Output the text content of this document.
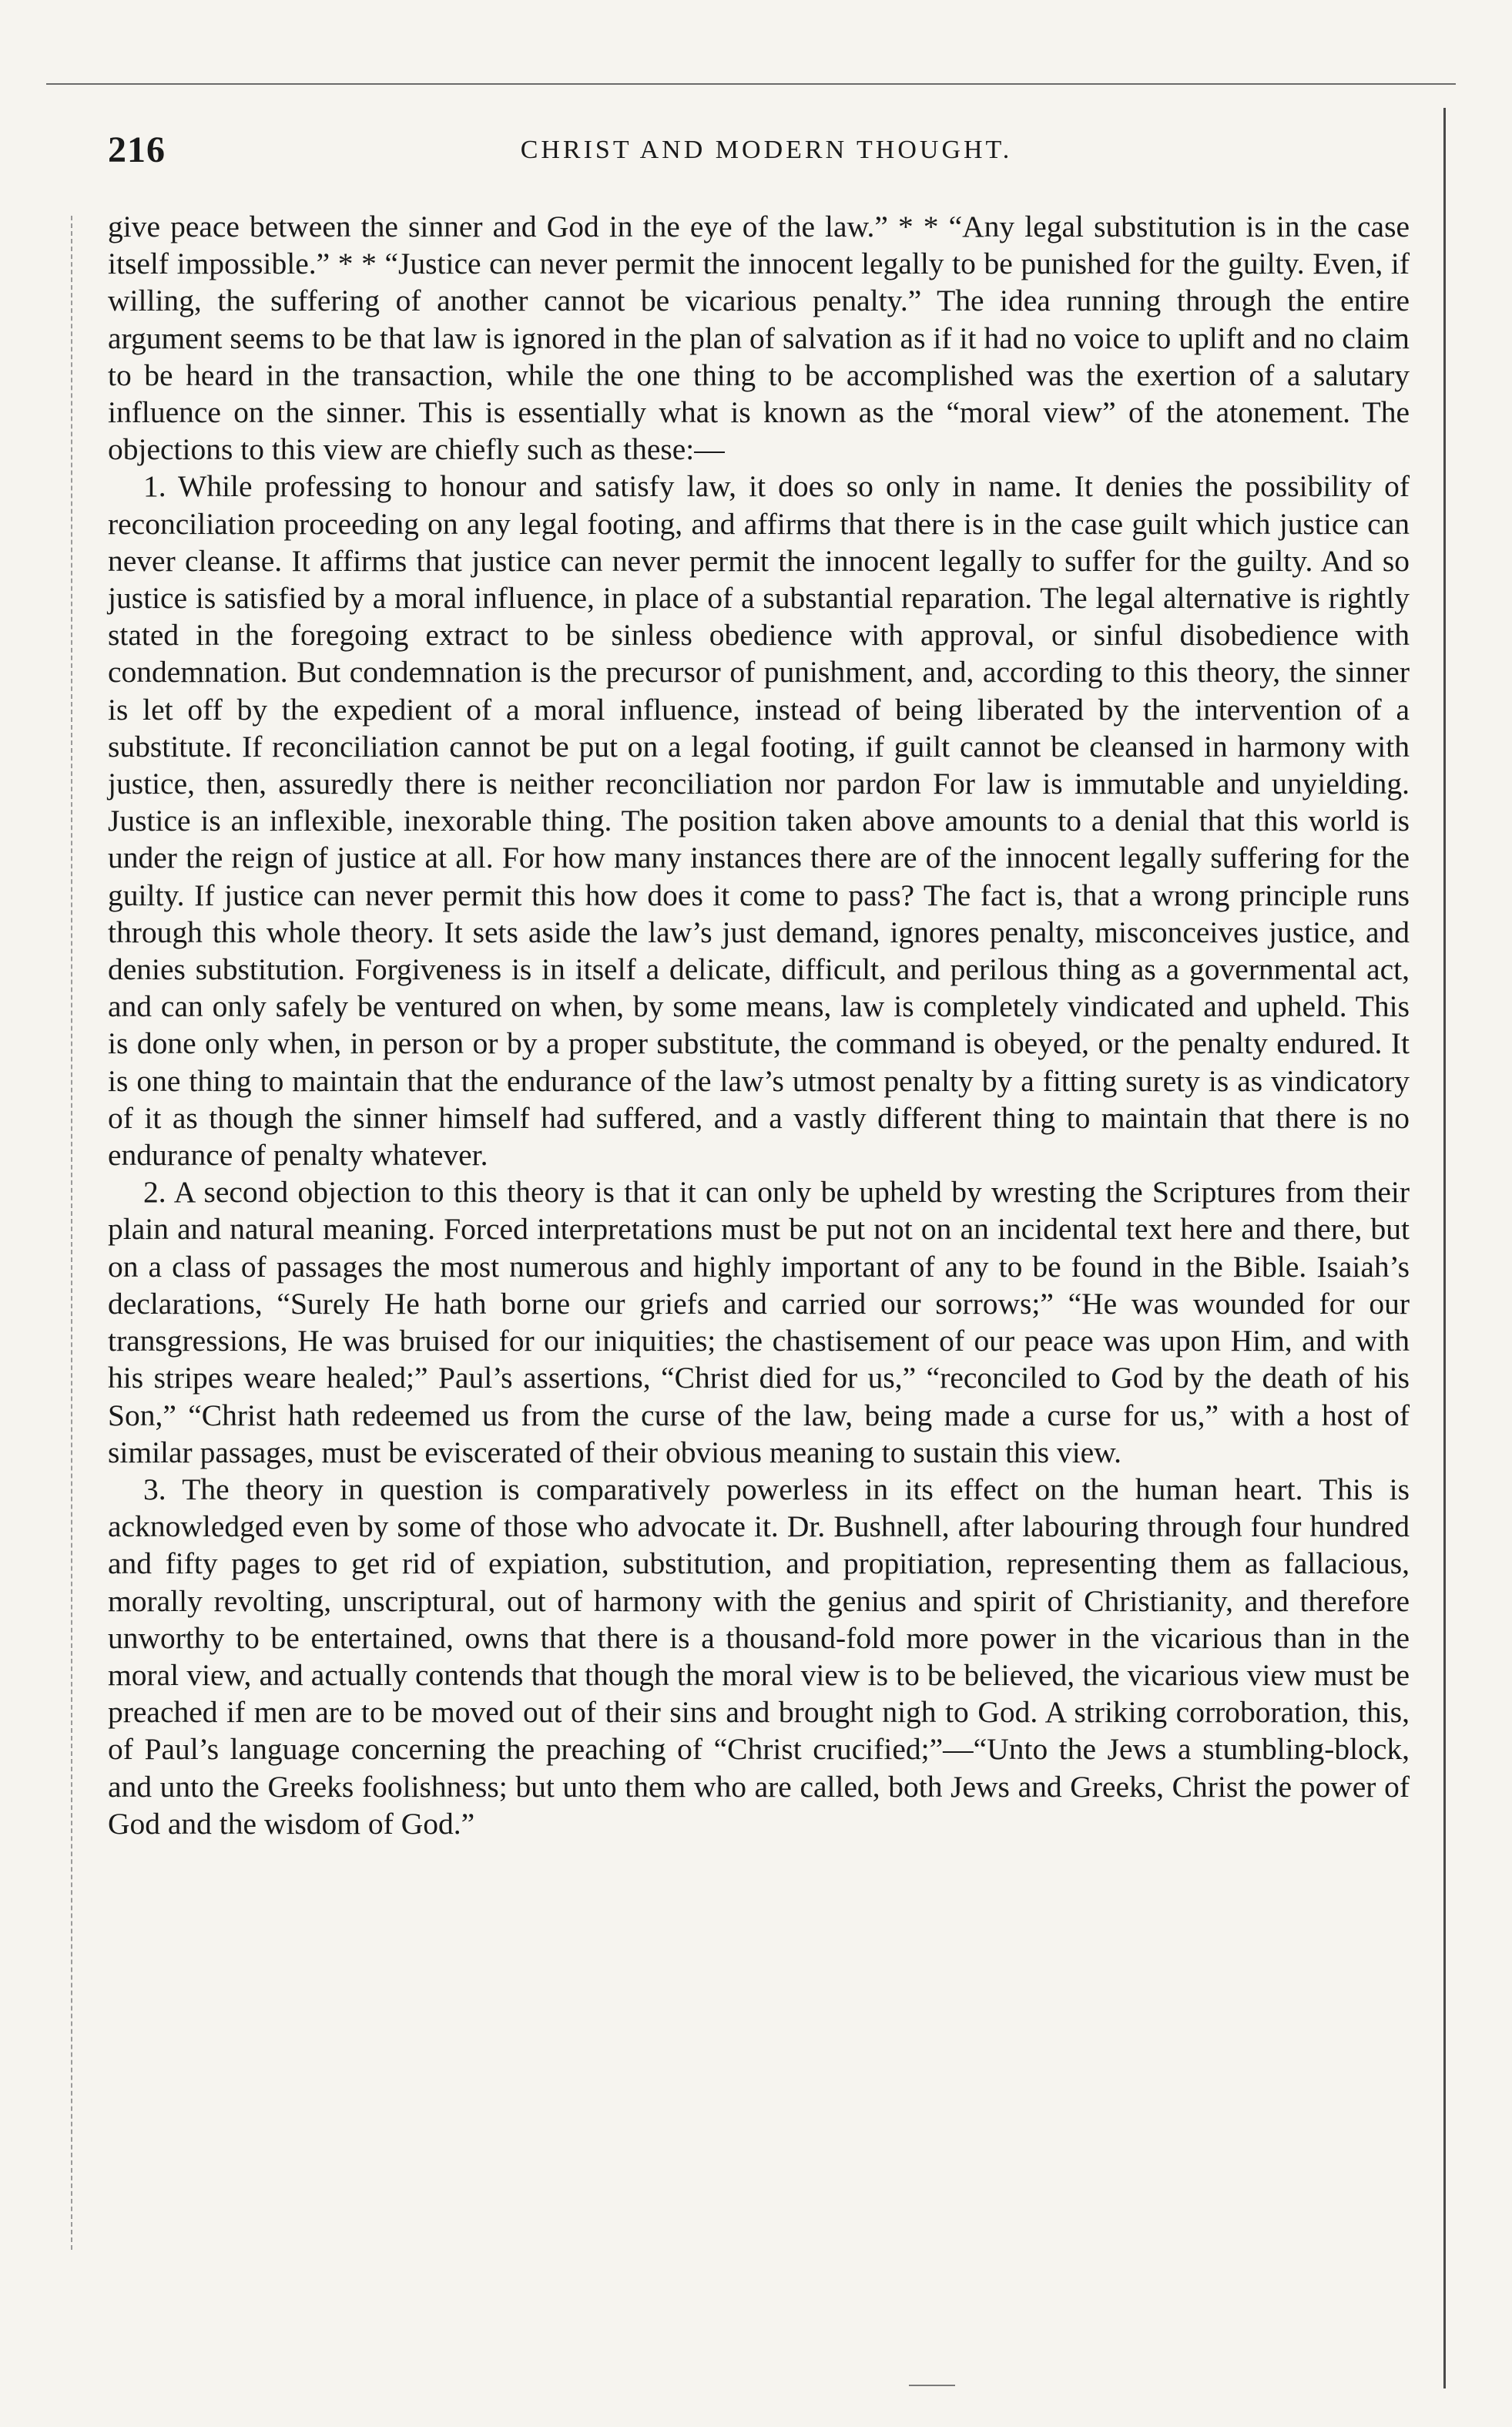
CHRIST AND MODERN THOUGHT.
216

give peace between the sinner and God in the eye of the law.” * * “Any legal substitution is in the case itself impossible.” * * “Justice can never permit the innocent legally to be punished for the guilty. Even, if willing, the suffering of another cannot be vicarious penalty.” The idea running through the entire argument seems to be that law is ignored in the plan of salvation as if it had no voice to uplift and no claim to be heard in the transaction, while the one thing to be accomplished was the exertion of a salutary influence on the sinner. This is essentially what is known as the “moral view” of the atonement. The objections to this view are chiefly such as these:—

1. While professing to honour and satisfy law, it does so only in name. It denies the possibility of reconciliation proceeding on any legal footing, and affirms that there is in the case guilt which justice can never cleanse. It affirms that justice can never permit the innocent legally to suffer for the guilty. And so justice is satisfied by a moral influence, in place of a substantial reparation. The legal alternative is rightly stated in the foregoing extract to be sinless obedience with approval, or sinful disobedience with condemnation. But condemnation is the precursor of punishment, and, according to this theory, the sinner is let off by the expedient of a moral influence, instead of being liberated by the intervention of a substitute. If reconciliation cannot be put on a legal footing, if guilt cannot be cleansed in harmony with justice, then, assuredly there is neither reconciliation nor pardon For law is immutable and unyielding. Justice is an inflexible, inexorable thing. The position taken above amounts to a denial that this world is under the reign of justice at all. For how many instances there are of the innocent legally suffering for the guilty. If justice can never permit this how does it come to pass? The fact is, that a wrong principle runs through this whole theory. It sets aside the law’s just demand, ignores penalty, misconceives justice, and denies substitution. Forgiveness is in itself a delicate, difficult, and perilous thing as a governmental act, and can only safely be ventured on when, by some means, law is completely vindicated and upheld. This is done only when, in person or by a proper substitute, the command is obeyed, or the penalty endured. It is one thing to maintain that the endurance of the law’s utmost penalty by a fitting surety is as vindicatory of it as though the sinner himself had suffered, and a vastly different thing to maintain that there is no endurance of penalty whatever.

2. A second objection to this theory is that it can only be upheld by wresting the Scriptures from their plain and natural meaning. Forced interpretations must be put not on an incidental text here and there, but on a class of passages the most numerous and highly important of any to be found in the Bible. Isaiah’s declarations, “Surely He hath borne our griefs and carried our sorrows;” “He was wounded for our transgressions, He was bruised for our iniquities; the chastisement of our peace was upon Him, and with his stripes weare healed;” Paul’s assertions, “Christ died for us,” “reconciled to God by the death of his Son,” “Christ hath redeemed us from the curse of the law, being made a curse for us,” with a host of similar passages, must be eviscerated of their obvious meaning to sustain this view.

3. The theory in question is comparatively powerless in its effect on the human heart. This is acknowledged even by some of those who advocate it. Dr. Bushnell, after labouring through four hundred and fifty pages to get rid of expiation, substitution, and propitiation, representing them as fallacious, morally revolting, unscriptural, out of harmony with the genius and spirit of Christianity, and therefore unworthy to be entertained, owns that there is a thousand-fold more power in the vicarious than in the moral view, and actually contends that though the moral view is to be believed, the vicarious view must be preached if men are to be moved out of their sins and brought nigh to God. A striking corroboration, this, of Paul’s language concerning the preaching of “Christ crucified;”—“Unto the Jews a stumbling-block, and unto the Greeks foolishness; but unto them who are called, both Jews and Greeks, Christ the power of God and the wisdom of God.”
